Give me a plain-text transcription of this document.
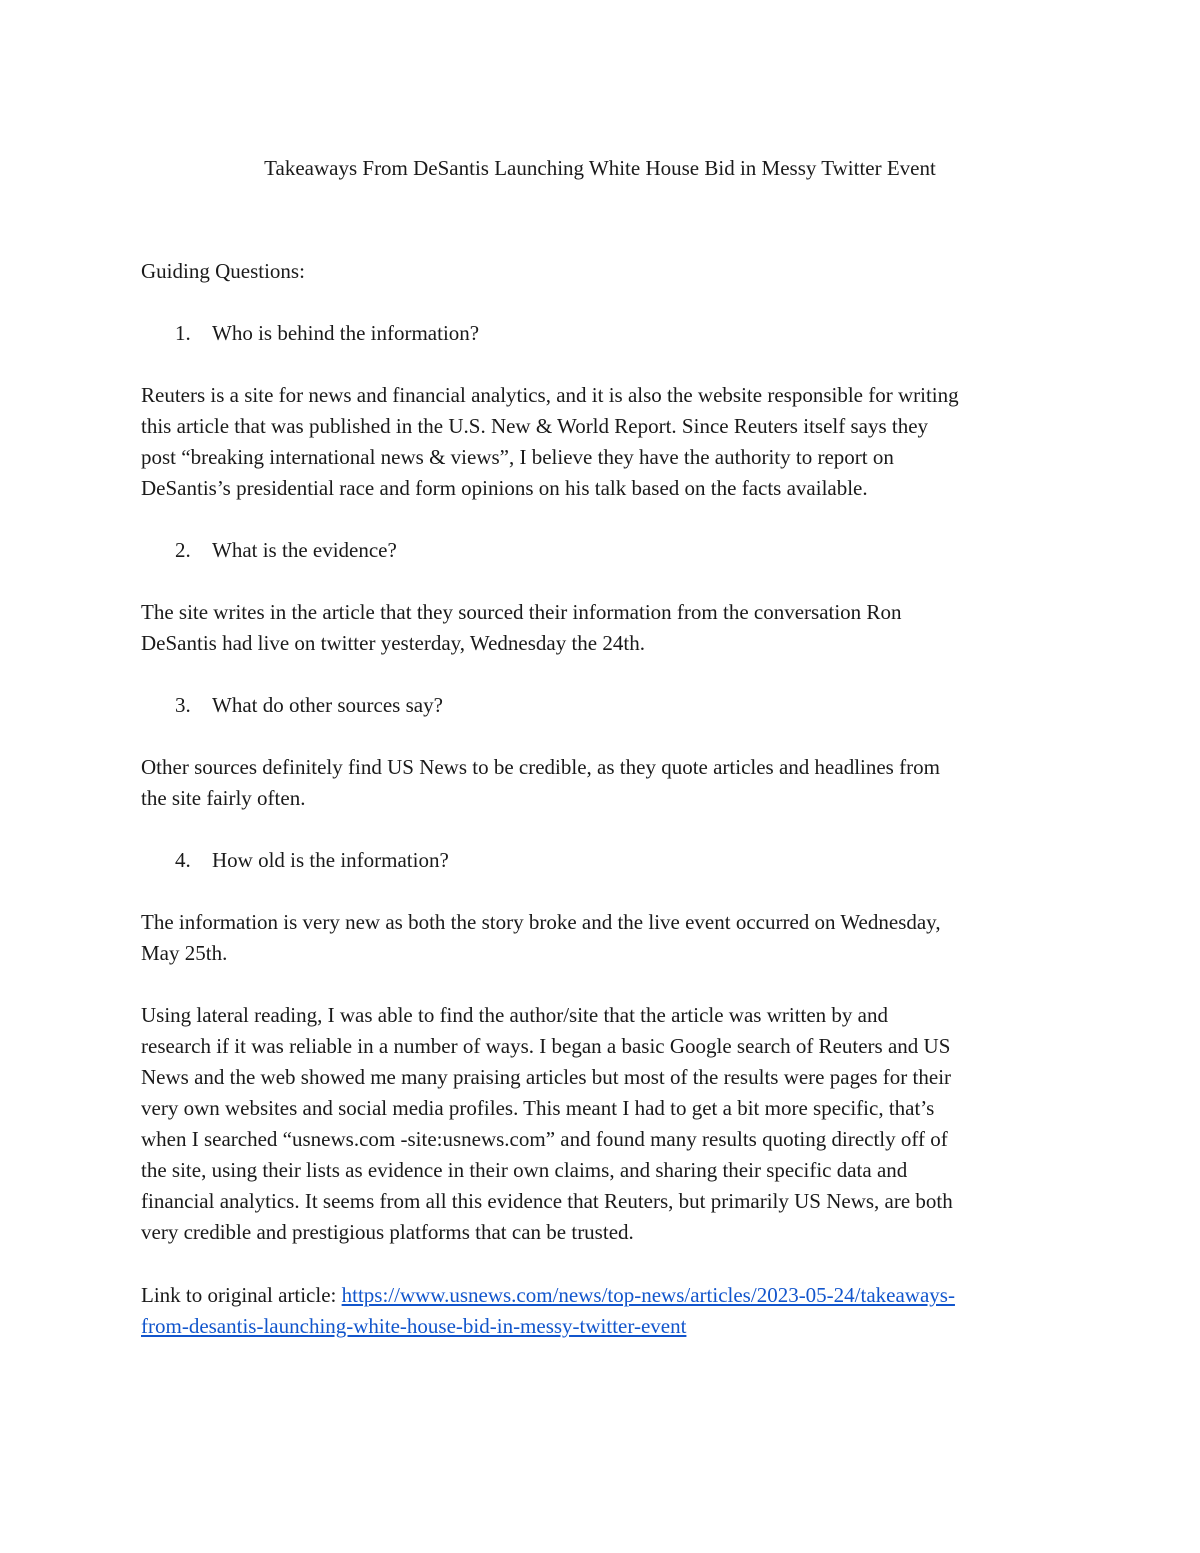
Takeaways From DeSantis Launching White House Bid in Messy Twitter Event

Guiding Questions:

1. Who is behind the information?

Reuters is a site for news and financial analytics, and it is also the website responsible for writing
this article that was published in the U.S. New & World Report. Since Reuters itself says they
post “breaking international news & views”, I believe they have the authority to report on
DeSantis’s presidential race and form opinions on his talk based on the facts available.

2. What is the evidence?

The site writes in the article that they sourced their information from the conversation Ron
DeSantis had live on twitter yesterday, Wednesday the 24th.

3. What do other sources say?

Other sources definitely find US News to be credible, as they quote articles and headlines from
the site fairly often.

4. How old is the information?

The information is very new as both the story broke and the live event occurred on Wednesday,
May 25th.
Using lateral reading, I was able to find the author/site that the article was written by and
research if it was reliable in a number of ways. I began a basic Google search of Reuters and US
News and the web showed me many praising articles but most of the results were pages for their
very own websites and social media profiles. This meant I had to get a bit more specific, that’s
when I searched “usnews.com -site:usnews.com” and found many results quoting directly off of
the site, using their lists as evidence in their own claims, and sharing their specific data and
financial analytics. It seems from all this evidence that Reuters, but primarily US News, are both
very credible and prestigious platforms that can be trusted.
Link to original article: https://www.usnews.com/news/top-news/articles/2023-05-24/takeaways-
from-desantis-launching-white-house-bid-in-messy-twitter-event
